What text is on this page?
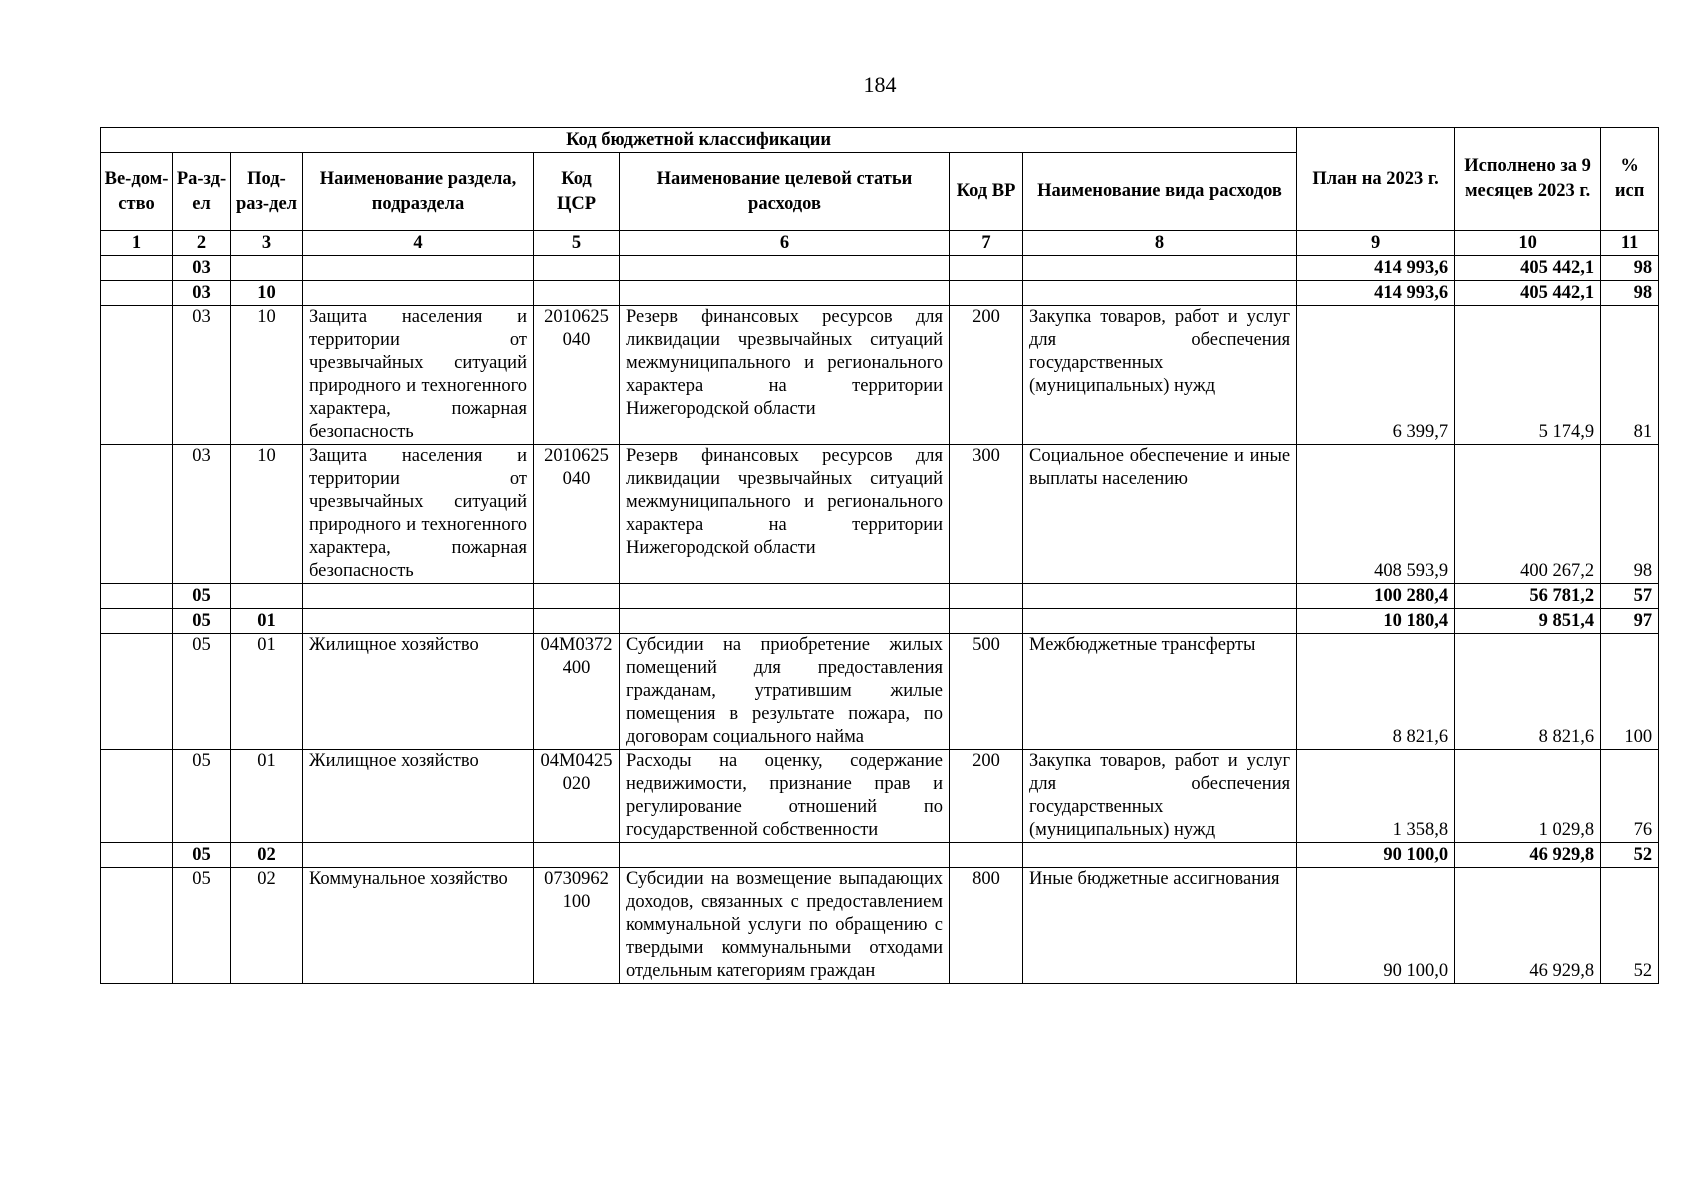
184
Код бюджетной классификации								План на 2023 г.	Исполнено за 9 месяцев 2023 г.	% исп
Ве-дом-ство	Ра-зд-ел	Под-раз-дел	Наименование раздела, подраздела	Код ЦСР	Наименование целевой статьи расходов	Код ВР	Наименование вида расходов			
1	2	3	4	5	6	7	8	9	10	11
	03							414 993,6	405 442,1	98
	03	10						414 993,6	405 442,1	98
	03	10	Защита населения и территории от чрезвычайных ситуаций природного и техногенного характера, пожарная безопасность	2010625040	Резерв финансовых ресурсов для ликвидации чрезвычайных ситуаций межмуниципального и регионального характера на территории Нижегородской области	200	Закупка товаров, работ и услуг для обеспечения государственных (муниципальных) нужд	6 399,7	5 174,9	81
	03	10	Защита населения и территории от чрезвычайных ситуаций природного и техногенного характера, пожарная безопасность	2010625040	Резерв финансовых ресурсов для ликвидации чрезвычайных ситуаций межмуниципального и регионального характера на территории Нижегородской области	300	Социальное обеспечение и иные выплаты населению	408 593,9	400 267,2	98
	05							100 280,4	56 781,2	57
	05	01						10 180,4	9 851,4	97
	05	01	Жилищное хозяйство	04М0372400	Субсидии на приобретение жилых помещений для предоставления гражданам, утратившим жилые помещения в результате пожара, по договорам социального найма	500	Межбюджетные трансферты	8 821,6	8 821,6	100
	05	01	Жилищное хозяйство	04М0425020	Расходы на оценку, содержание недвижимости, признание прав и регулирование отношений по государственной собственности	200	Закупка товаров, работ и услуг для обеспечения государственных (муниципальных) нужд	1 358,8	1 029,8	76
	05	02						90 100,0	46 929,8	52
	05	02	Коммунальное хозяйство	0730962100	Субсидии на возмещение выпадающих доходов, связанных с предоставлением коммунальной услуги по обращению с твердыми коммунальными отходами отдельным категориям граждан	800	Иные бюджетные ассигнования	90 100,0	46 929,8	52
